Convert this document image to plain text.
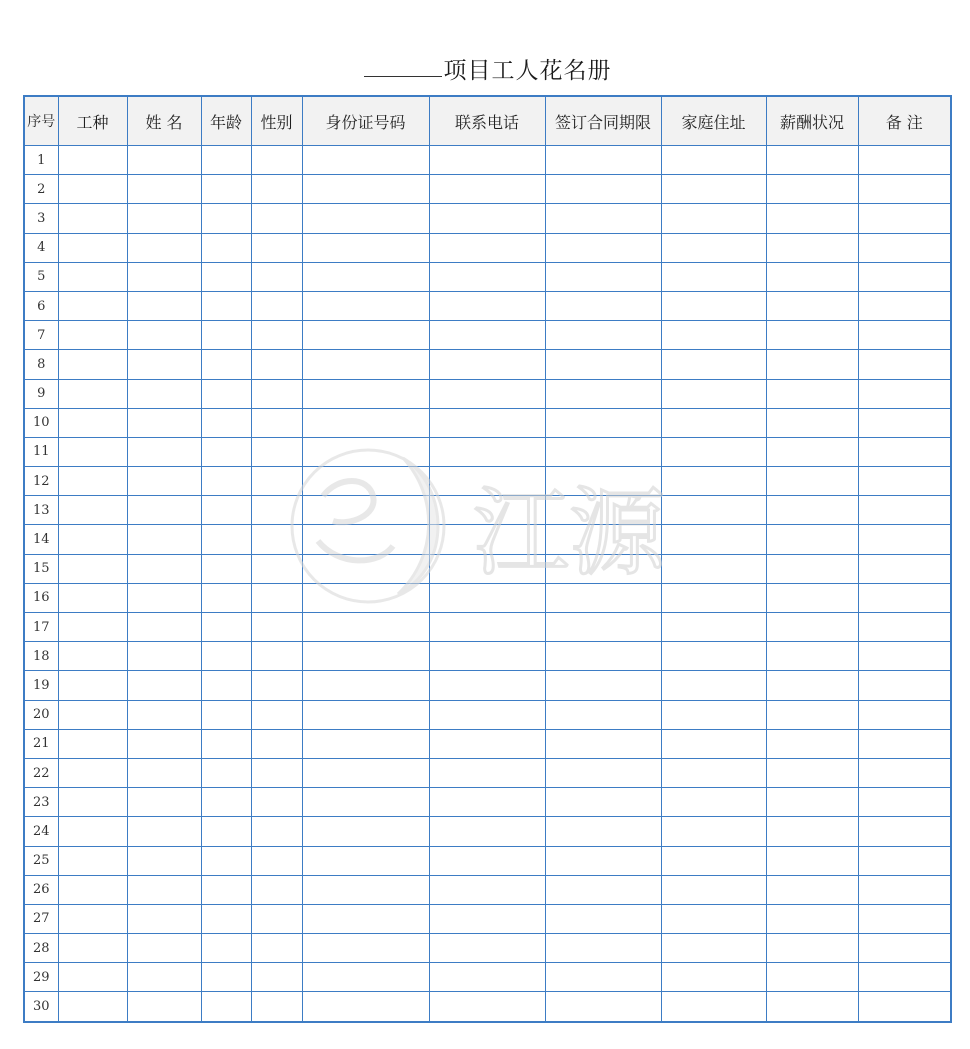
项目工人花名册
序号	工种	姓 名	年龄	性别	身份证号码	联系电话	签订合同期限	家庭住址	薪酬状况	备 注
1										
2										
3										
4										
5										
6										
7										
8										
9										
10										
11										
12										
13										
14										
15										
16										
17										
18										
19										
20										
21										
22										
23										
24										
25										
26										
27										
28										
29										
30										
江源
